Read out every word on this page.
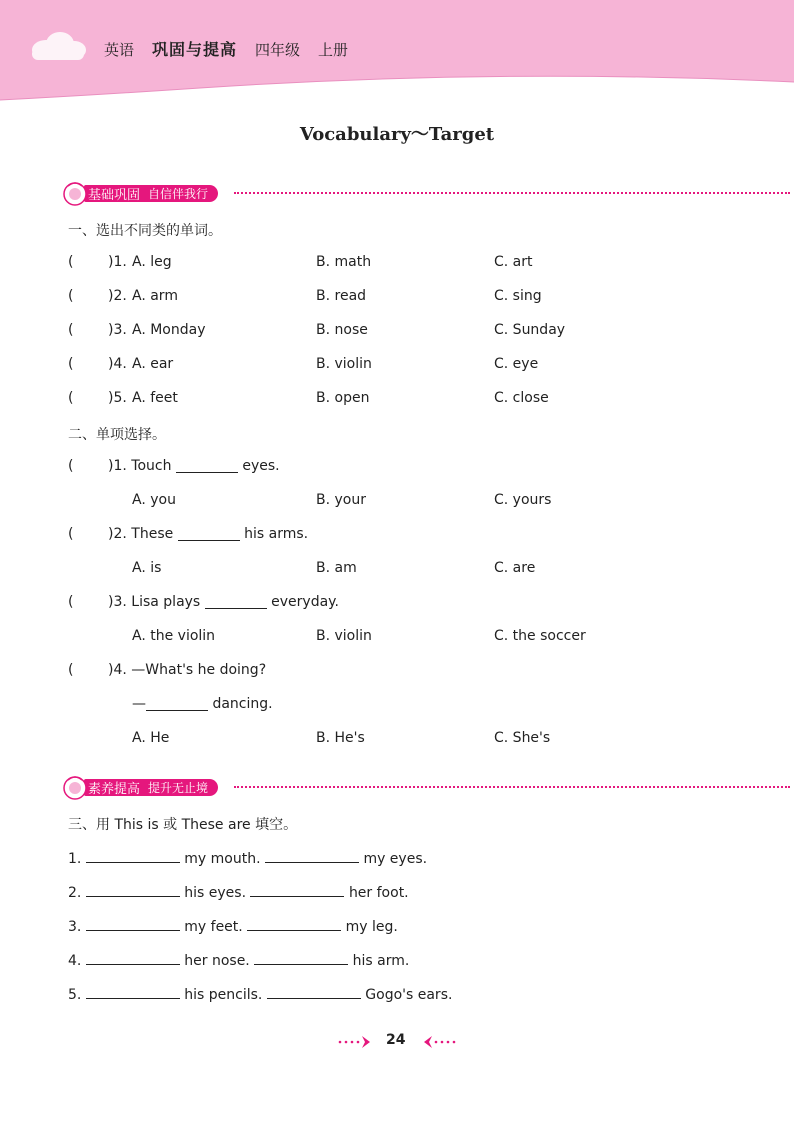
英语 巩固与提高 四年级 上册
Vocabulary～Target
基础巩固 自信伴我行
一、选出不同类的单词。
( )1. A. leg	B. math	C. art
( )2. A. arm	B. read	C. sing
( )3. A. Monday	B. nose	C. Sunday
( )4. A. ear	B. violin	C. eye
( )5. A. feet	B. open	C. close
二、单项选择。
( )1. Touch	eyes.
A. you	B. your	C. yours
( )2. These	his arms.
A. is	B. am	C. are
( )3. Lisa plays	everyday.
A. the violin	B. violin	C. the soccer
( )4. —What's he doing?
—	dancing.
A. He	B. He's	C. She's
素养提高 提升无止境
三、用 This is 或 These are 填空。
1.	my mouth.	my eyes.
2.	his eyes.	her foot.
3.	my feet.	my leg.
4.	her nose.	his arm.
5.	his pencils.	Gogo's ears.
24
